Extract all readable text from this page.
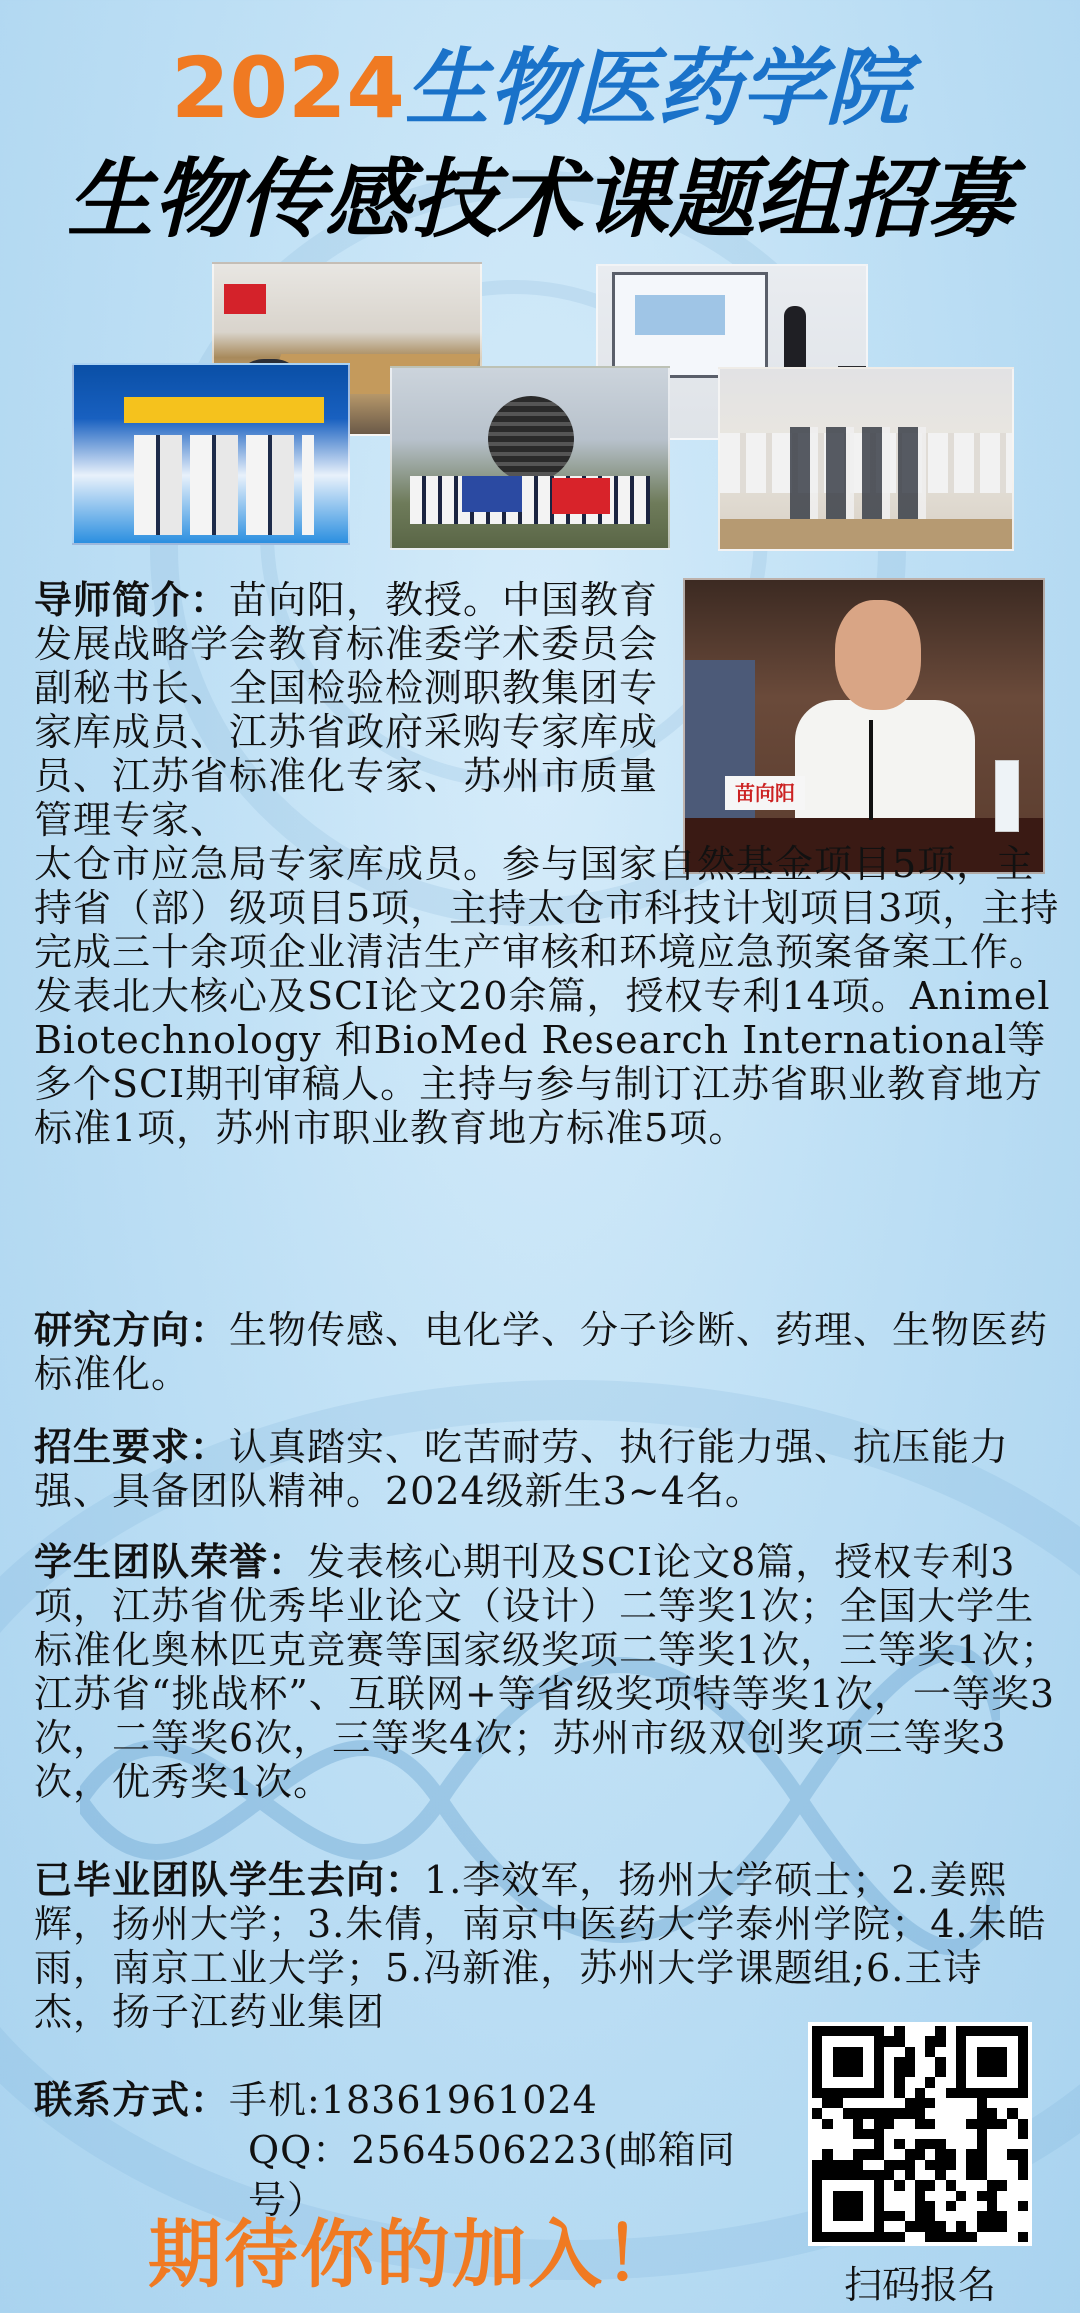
2024生物医药学院
生物传感技术课题组招募
苗向阳
导师简介：苗向阳，教授。中国教育发展战略学会教育标准委学术委员会副秘书长、全国检验检测职教集团专家库成员、江苏省政府采购专家库成员、江苏省标准化专家、苏州市质量管理专家、
太仓市应急局专家库成员。参与国家自然基金项目5项，主持省（部）级项目5项，主持太仓市科技计划项目3项，主持完成三十余项企业清洁生产审核和环境应急预案备案工作。发表北大核心及SCI论文20余篇，授权专利14项。Animel Biotechnology 和BioMed Research International等多个SCI期刊审稿人。主持与参与制订江苏省职业教育地方标准1项，苏州市职业教育地方标准5项。
研究方向：生物传感、电化学、分子诊断、药理、生物医药标准化。
招生要求：认真踏实、吃苦耐劳、执行能力强、抗压能力强、具备团队精神。2024级新生3~4名。
学生团队荣誉：发表核心期刊及SCI论文8篇，授权专利3项，江苏省优秀毕业论文（设计）二等奖1次；全国大学生标准化奥林匹克竞赛等国家级奖项二等奖1次，三等奖1次；江苏省“挑战杯”、互联网+等省级奖项特等奖1次，一等奖3次，二等奖6次，三等奖4次；苏州市级双创奖项三等奖3次，优秀奖1次。
已毕业团队学生去向：1.李效军，扬州大学硕士；2.姜熙辉，扬州大学；3.朱倩，南京中医药大学泰州学院；4.朱皓雨，南京工业大学；5.冯新淮，苏州大学课题组;6.王诗杰，扬子江药业集团
联系方式：手机:18361961024
QQ：2564506223(邮箱同号）
期待你的加入！	扫码报名
